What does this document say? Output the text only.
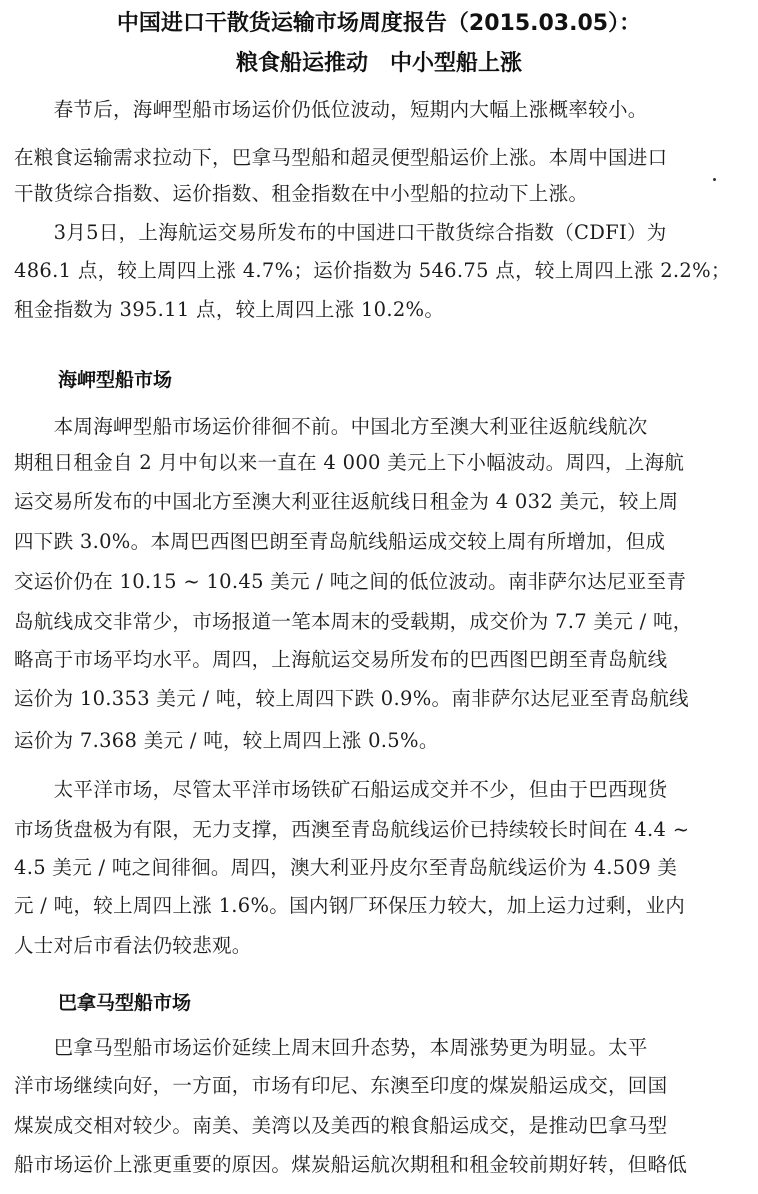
中国进口干散货运输市场周度报告（2015.03.05）：
粮食船运推动　中小型船上涨
　　春节后，海岬型船市场运价仍低位波动，短期内大幅上涨概率较小。
在粮食运输需求拉动下，巴拿马型船和超灵便型船运价上涨。本周中国进口
干散货综合指数、运价指数、租金指数在中小型船的拉动下上涨。
　　3月5日，上海航运交易所发布的中国进口干散货综合指数（CDFI）为
486.1 点，较上周四上涨 4.7%；运价指数为 546.75 点，较上周四上涨 2.2%；
租金指数为 395.11 点，较上周四上涨 10.2%。
海岬型船市场
　　本周海岬型船市场运价徘徊不前。中国北方至澳大利亚往返航线航次
期租日租金自 2 月中旬以来一直在 4 000 美元上下小幅波动。周四，上海航
运交易所发布的中国北方至澳大利亚往返航线日租金为 4 032 美元，较上周
四下跌 3.0%。本周巴西图巴朗至青岛航线船运成交较上周有所增加，但成
交运价仍在 10.15 ~ 10.45 美元 / 吨之间的低位波动。南非萨尔达尼亚至青
岛航线成交非常少，市场报道一笔本周末的受载期，成交价为 7.7 美元 / 吨，
略高于市场平均水平。周四，上海航运交易所发布的巴西图巴朗至青岛航线
运价为 10.353 美元 / 吨，较上周四下跌 0.9%。南非萨尔达尼亚至青岛航线
运价为 7.368 美元 / 吨，较上周四上涨 0.5%。
　　太平洋市场，尽管太平洋市场铁矿石船运成交并不少，但由于巴西现货
市场货盘极为有限，无力支撑，西澳至青岛航线运价已持续较长时间在 4.4 ~
4.5 美元 / 吨之间徘徊。周四，澳大利亚丹皮尔至青岛航线运价为 4.509 美
元 / 吨，较上周四上涨 1.6%。国内钢厂环保压力较大，加上运力过剩，业内
人士对后市看法仍较悲观。
巴拿马型船市场
　　巴拿马型船市场运价延续上周末回升态势，本周涨势更为明显。太平
洋市场继续向好，一方面，市场有印尼、东澳至印度的煤炭船运成交，回国
煤炭成交相对较少。南美、美湾以及美西的粮食船运成交，是推动巴拿马型
船市场运价上涨更重要的原因。煤炭船运航次期租和租金较前期好转，但略低
